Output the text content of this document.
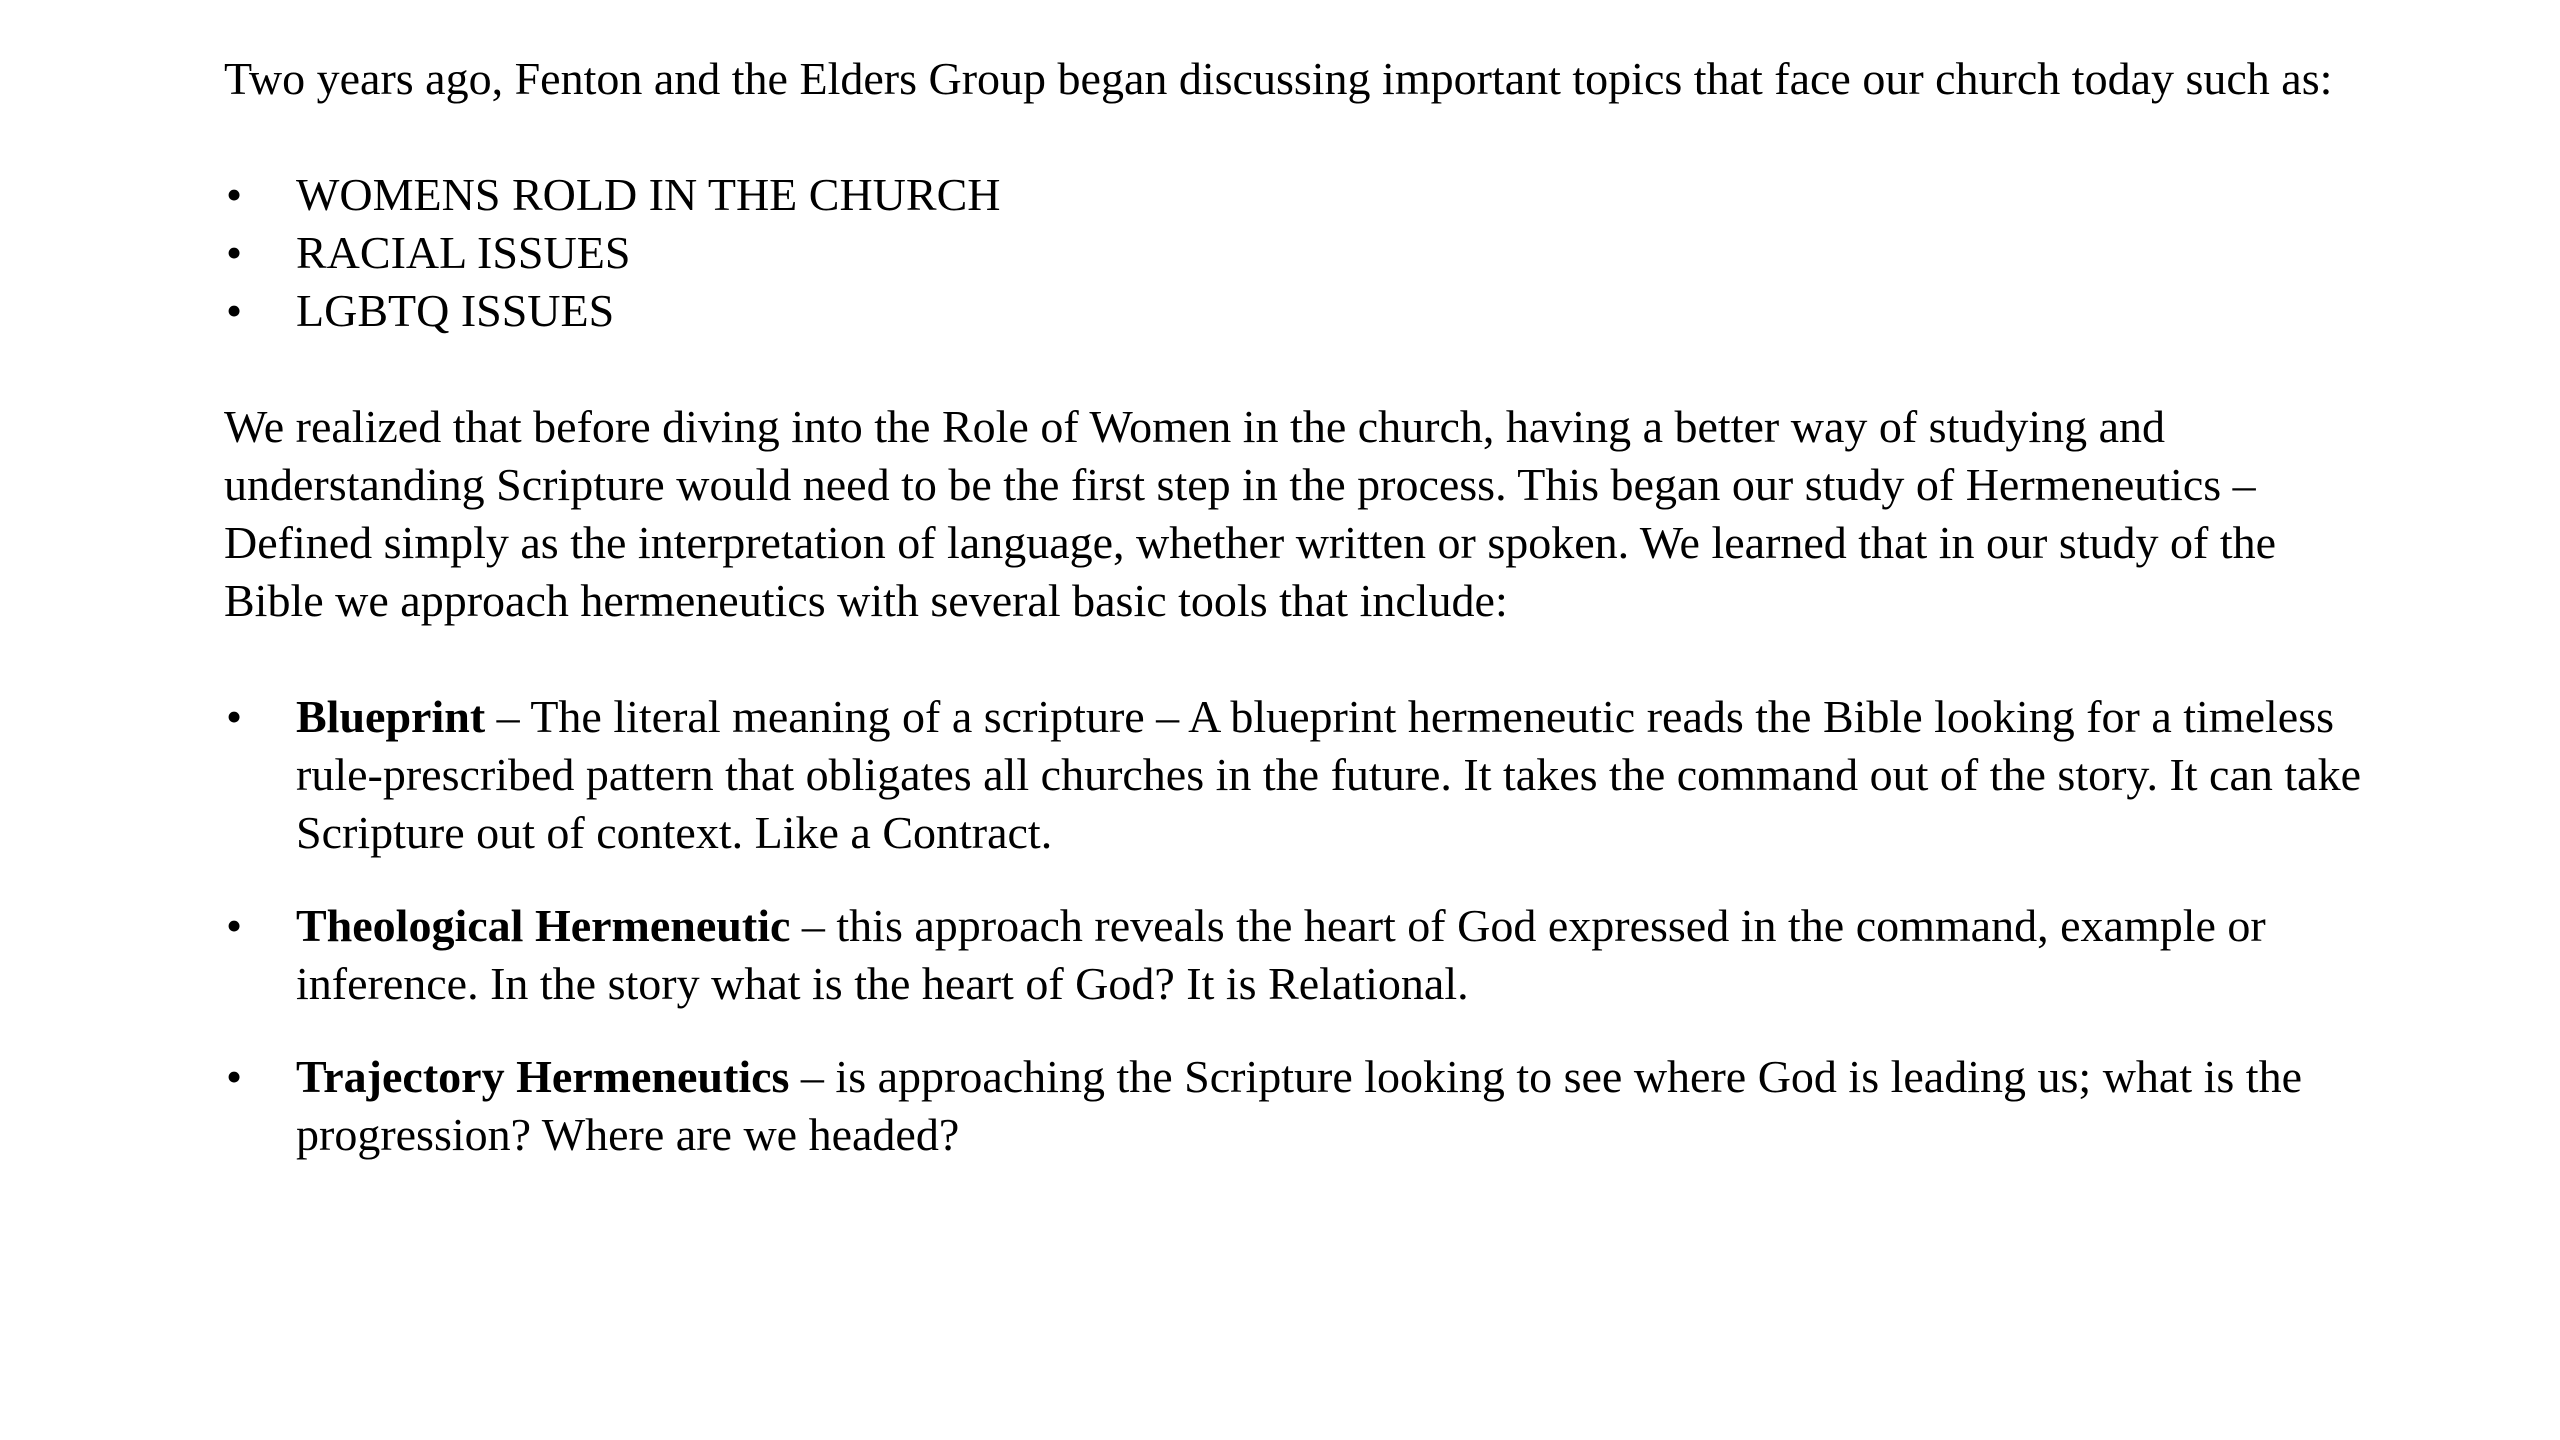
Two years ago, Fenton and the Elders Group began discussing important topics that face our church today such as:

•	WOMENS ROLD IN THE CHURCH
•	RACIAL ISSUES
•	LGBTQ ISSUES

We realized that before diving into the Role of Women in the church, having a better way of studying and understanding Scripture would need to be the first step in the process. This began our study of Hermeneutics – Defined simply as the interpretation of language, whether written or spoken. We learned that in our study of the Bible we approach hermeneutics with several basic tools that include:

•	Blueprint – The literal meaning of a scripture – A blueprint hermeneutic reads the Bible looking for a timeless rule-prescribed pattern that obligates all churches in the future. It takes the command out of the story. It can take Scripture out of context. Like a Contract.
•	Theological Hermeneutic – this approach reveals the heart of God expressed in the command, example or inference. In the story what is the heart of God? It is Relational.
•	Trajectory Hermeneutics – is approaching the Scripture looking to see where God is leading us; what is the progression? Where are we headed?
